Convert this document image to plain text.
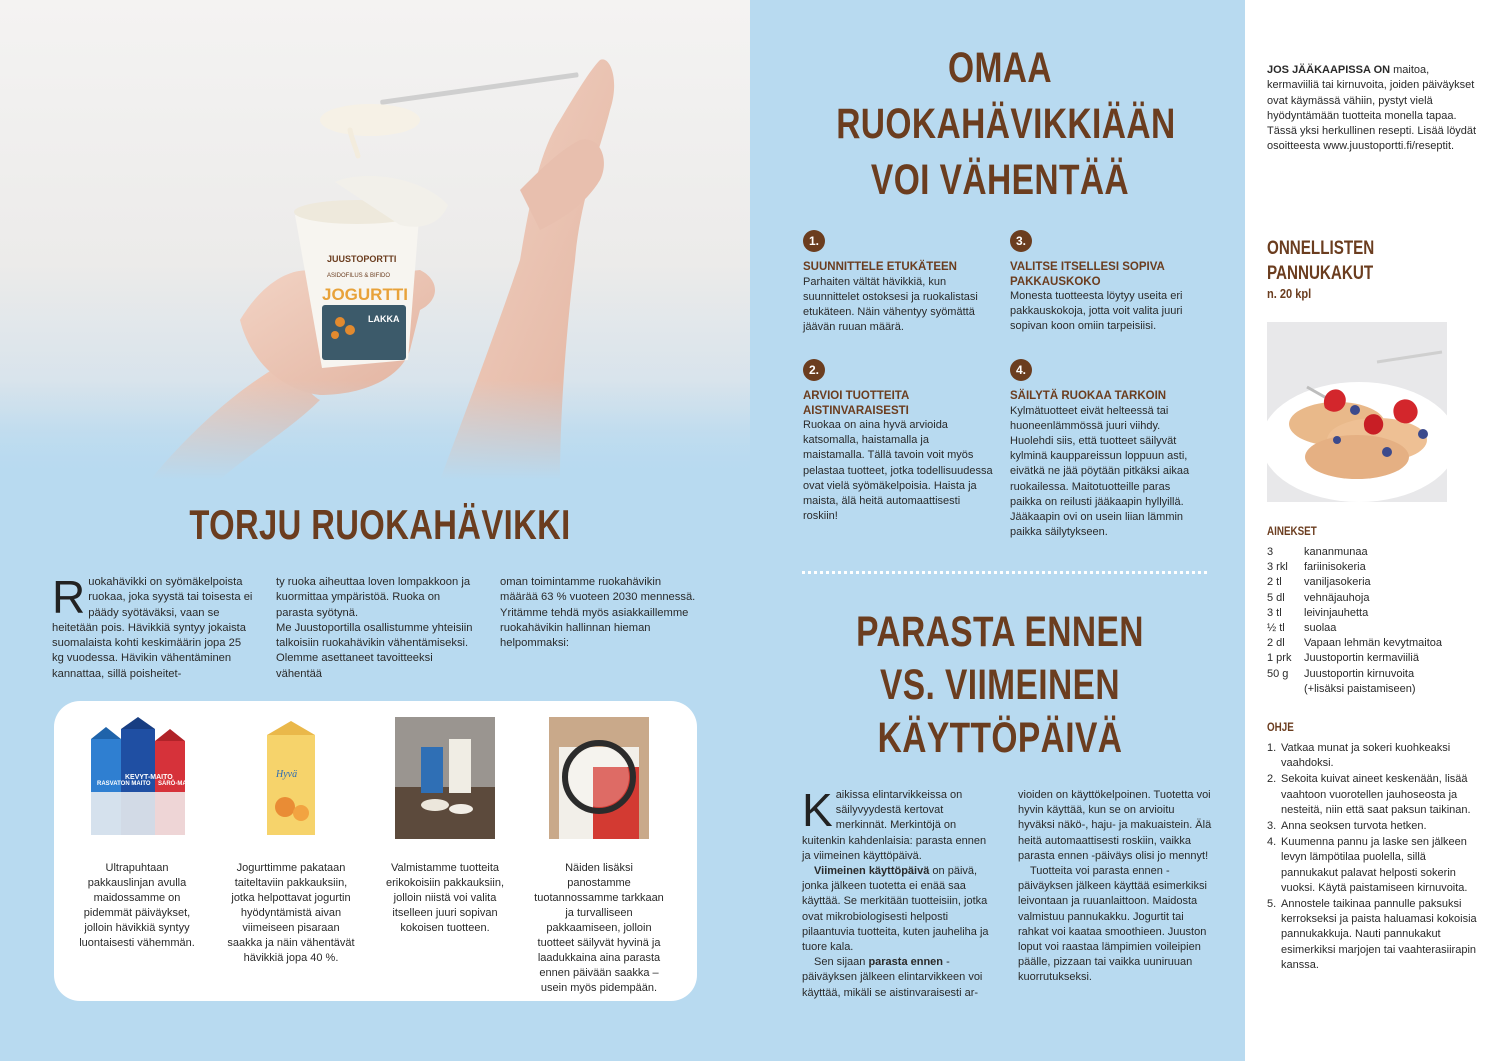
JUUSTOPORTTI
ASIDOFILUS & BIFIDO
JOGURTTI
LAKKA
TORJU RUOKAHÄVIKKI
Ruokahävikki on syömäkelpoista ruokaa, joka syystä tai toisesta ei päädy syötäväksi, vaan se heitetään pois. Hävikkiä syntyy jokaista suomalaista kohti keskimäärin jopa 25 kg vuodessa. Hävikin vähentäminen kannattaa, sillä poisheitet-
ty ruoka aiheuttaa loven lompakkoon ja kuormittaa ympäristöä. Ruoka on parasta syötynä.
Me Juustoportilla osallistumme yhteisiin talkoisiin ruokahävikin vähentämiseksi. Olemme asettaneet tavoitteeksi vähentää
oman toimintamme ruokahävikin määrää 63 % vuoteen 2030 mennessä.
Yritämme tehdä myös asiakkaillemme ruokahävikin hallinnan hieman helpommaksi:
RASVATON MAITO
KEVYT-MAITO
SÄRÖ-MAITO

Ultrapuhtaan pakkauslinjan avulla maidossamme on pidemmät päiväykset, jolloin hävikkiä syntyy luontaisesti vähemmän.

Hyvä

Jogurttimme pakataan taiteltaviin pakkauksiin, jotka helpottavat jogurtin hyödyntämistä aivan viimeiseen pisaraan saakka ja näin vähentävät hävikkiä jopa 40 %.

Valmistamme tuotteita erikokoisiin pakkauksiin, jolloin niistä voi valita itselleen juuri sopivan kokoisen tuotteen.

Näiden lisäksi panostamme tuotannossamme tarkkaan ja turvalliseen pakkaamiseen, jolloin tuotteet säilyvät hyvinä ja laadukkaina aina parasta ennen päivään saakka – usein myös pidempään.

OMAA RUOKAHÄVIKKIÄÄN VOI VÄHENTÄÄ
1.
SUUNNITTELE ETUKÄTEEN
Parhaiten vältät hävikkiä, kun suunnittelet ostoksesi ja ruokalistasi etukäteen. Näin vähentyy syömättä jäävän ruuan määrä.
2.
ARVIOI TUOTTEITA AISTINVARAISESTI
Ruokaa on aina hyvä arvioida katsomalla, haistamalla ja maistamalla. Tällä tavoin voit myös pelastaa tuotteet, jotka todellisuudessa ovat vielä syömäkelpoisia. Haista ja maista, älä heitä automaattisesti roskiin!
3.
VALITSE ITSELLESI SOPIVA PAKKAUSKOKO
Monesta tuotteesta löytyy useita eri pakkauskokoja, jotta voit valita juuri sopivan koon omiin tarpeisiisi.
4.
SÄILYTÄ RUOKAA TARKOIN
Kylmätuotteet eivät helteessä tai huoneenlämmössä juuri viihdy. Huolehdi siis, että tuotteet säilyvät kylminä kauppareissun loppuun asti, eivätkä ne jää pöytään pitkäksi aikaa ruokailessa. Maitotuotteille paras paikka on reilusti jääkaapin hyllyillä. Jääkaapin ovi on usein liian lämmin paikka säilytykseen.
PARASTA ENNEN VS. VIIMEINEN KÄYTTÖPÄIVÄ
Kaikissa elintarvikkeissa on säilyvyydestä kertovat merkinnät. Merkintöjä on kuitenkin kahdenlaisia: parasta ennen ja viimeinen käyttöpäivä.
Viimeinen käyttöpäivä on päivä, jonka jälkeen tuotetta ei enää saa käyttää. Se merkitään tuotteisiin, jotka ovat mikrobiologisesti helposti pilaantuvia tuotteita, kuten jauheliha ja tuore kala.
Sen sijaan parasta ennen -päiväyksen jälkeen elintarvikkeen voi käyttää, mikäli se aistinvaraisesti ar-
vioiden on käyttökelpoinen. Tuotetta voi hyvin käyttää, kun se on arvioitu hyväksi näkö-, haju- ja makuaistein. Älä heitä automaattisesti roskiin, vaikka parasta ennen -päiväys olisi jo mennyt!
Tuotteita voi parasta ennen -päiväyksen jälkeen käyttää esimerkiksi leivontaan ja ruuanlaittoon. Maidosta valmistuu pannukakku. Jogurtit tai rahkat voi kaataa smoothieen. Juuston loput voi raastaa lämpimien voileipien päälle, pizzaan tai vaikka uuniruuan kuorrutukseksi.
JOS JÄÄKAAPISSA ON maitoa, kermaviiliä tai kirnuvoita, joiden päiväykset ovat käymässä vähiin, pystyt vielä hyödyntämään tuotteita monella tapaa. Tässä yksi herkullinen resepti. Lisää löydät osoitteesta www.juustoportti.fi/reseptit.
ONNELLISTEN PANNUKAKUT
n. 20 kpl
AINEKSET
3	kananmunaa
3 rkl	fariinisokeria
2 tl	vaniljasokeria
5 dl	vehnäjauhoja
3 tl	leivinjauhetta
½ tl	suolaa
2 dl	Vapaan lehmän kevytmaitoa
1 prk	Juustoportin kermaviiliä
50 g	Juustoportin kirnuvoita
(+lisäksi paistamiseen)
OHJE
1. Vatkaa munat ja sokeri kuohkeaksi vaahdoksi.
2. Sekoita kuivat aineet keskenään, lisää vaahtoon vuorotellen jauhoseosta ja nesteitä, niin että saat paksun taikinan.
3. Anna seoksen turvota hetken.
4. Kuumenna pannu ja laske sen jälkeen levyn lämpötilaa puolella, sillä pannukakut palavat helposti sokerin vuoksi. Käytä paistamiseen kirnuvoita.
5. Annostele taikinaa pannulle paksuksi kerrokseksi ja paista haluamasi kokoisia pannukakkuja. Nauti pannukakut esimerkiksi marjojen tai vaahterasiirapin kanssa.
